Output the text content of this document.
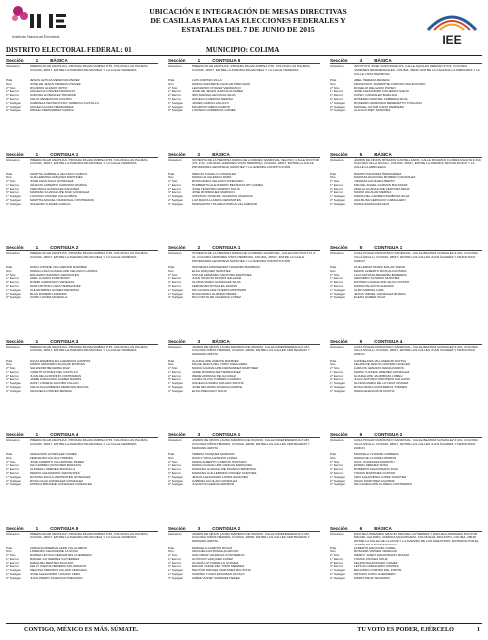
Instituto Nacional Electoral
UBICACIÓN E INTEGRACIÓN DE MESAS DIRECTIVAS
DE CASILLAS PARA LAS ELECCIONES FEDERALES Y
ESTATALES DEL 7 DE JUNIO DE 2015
IEE
DISTRITO ELECTORAL FEDERAL: 01	MUNICIPIO: COLIMA
Sección	1	BÁSICA
Ubicación	PREESCOLAR ANAHUAC, PRIVADA PALMA RUBINA # 55, COLONIA LAS PALMAS, COLIMA, 28017, ENTRE LA AVENIDA PALMA REAL Y LA CALLE CERRADA
Pdte	JESUS LETICIA MENDOZA PEREZ
Srio	JOSE DE JESUS CEPEDA CHAVEZ
2° Srio	RICARDO ALFARO ORTIZ
1° Escrut	ANGELICA CHAVEZ MANZANO
2° Escrut	AURORA GONZALEZ TRINIDAD
3° Escrut	CELIO ARMEJICOS CASTRO
1° Suplgen	GABRIELA HESTENYATAY ARREOLA CASTILLO
2° Suplgen	ANGELICA DIAZ HERNANDEZ
3° Suplgen	MISAEL HERNANDEZ GARCIA
Sección	1	CONTIGUA 1
Ubicación	PREESCOLAR ANAHUAC, PRIVADA PALMA RUBINA # 55, COLONIA LAS PALMAS, COLIMA, 28017, ENTRE LA AVENIDA PALMA REAL Y LA CALLE CERRADA
Pdte	MARTHA GABRIELA VELASCO GARCIA
Srio	GUILLERMINA VAZQUEZ MARTINEZ
2° Srio	JOSE ANASTACIA GONZALEZ
1° Escrut	IGNACIO ALBERTO CARDOZO RIVERA
2° Escrut	VERONICA GONZALEZ SANCHEZ
3° Escrut	MARIANA GUADALUPE DIAZ GONZALEZ
1° Suplgen	LUCIANO CHAVEZ VILLALOBOS
2° Suplgen	MARTHA ARACELI MADRIGAL CONTRERAS
3° Suplgen	SOLEDAD JUAREZ GARCIA
Sección	1	CONTIGUA 2
Ubicación	PREESCOLAR ANAHUAC, PRIVADA PALMA RUBINA # 55, COLONIA LAS PALMAS, COLIMA, 28017, ENTRE LA AVENIDA PALMA REAL Y LA CALLE CERRADA
Pdte	SOFIA IVONNE VILLASEÑOR RAMIREZ
Srio	MARIA LUISA GUADALUPE VELASCO LAPARA
2° Srio	EDUARDO ZAMORA CERVANTES
1° Escrut	ADEL LLAMAS ZAMORANO
2° Escrut	NOEMI CARRASCO VENEGAS
3° Escrut	ZAIR ANTONIO LARA HERNANDEZ
1° Suplgen	ALEJANDRINA GOMEZ PEDROZA
2° Suplgen	BLAS ROMERO ZAMORA
3° Suplgen	ZAIRO LIZAMA MANZILLA
Sección	1	CONTIGUA 3
Ubicación	PREESCOLAR ANAHUAC, PRIVADA PALMA RUBINA # 55, COLONIA LAS PALMAS, COLIMA, 28017, ENTRE LA AVENIDA PALMA REAL Y LA CALLE CERRADA
Pdte	SILVIA ESMERALDA LLERENAS CAMPOS
Srio	MARIO ARMANDO AGUILAR MONTES
2° Srio	SALVADOR BECERRA DIAZ
1° Escrut	YANETH CHAVEZ DEL CASTILLO
2° Escrut	JUAN DELIA MORFIN CONTRERAS
3° Escrut	JAIME ZARAGOZA GÓMEZ RAMOS
1° Suplgen	DAISY LORENA JACOBO FILLIAN
2° Suplgen	CELIA AGUAMBRINA PEDROZA MACIAS
3° Suplgen	GRACIELA CHAVEZ ZEPEDA
Sección	1	CONTIGUA 4
Ubicación	PREESCOLAR ANAHUAC, PRIVADA PALMA RUBINA # 55, COLONIA LAS PALMAS, COLIMA, 28017, ENTRE LA AVENIDA PALMA REAL Y LA CALLE CERRADA
Pdte	GREGORIO GONZALEZ GOMEZ
Srio	FERNANDO AGUILA TORRES
2° Srio	JOSE ALBERTO VILLARRUEL PEREZ
1° Escrut	MA CARMEN QUIÑONES BARAJAS
2° Escrut	ALFREDO JIMENEZ MANCILLA
3° Escrut	PEDRO ALEJANDRO CERVANTES
1° Suplgen	ROXANA PAULA VERTENTEN GONZALEZ
2° Suplgen	ROSA OLGA GONZALEZ GONZALEZ
3° Suplgen	MONICA BRIANDE GONZALEZ GONZALEZ
Sección	1	CONTIGUA 5
Ubicación	PREESCOLAR ANAHUAC, PRIVADA PALMA RUBINA # 55, COLONIA LAS PALMAS, COLIMA, 28017, ENTRE LA AVENIDA PALMA REAL Y LA CALLE CERRADA
Pdte	ADRIANA MINERVA LEPE VILLALOBOS
Srio	LORENZO ALEJANDRE LA ROSA
2° Srio	NORMA LETICIA CERVANTES GUERRERO
1° Escrut	RAFAEL GUTIERREZ GUTIERREZ
2° Escrut	EZEQUIEL BENITEZ PAULINO
3° Escrut	KELLY DAFINA HEREDIA SOLORZANO
1° Suplgen	MELISSA HEROMIT AGUIAR VERGARA
2° Suplgen	JOSE ALEJANDRO LOZANO VERA
3° Suplgen	JUAN PEDRO VALENCIA PRECIADO
Sección	1	CONTIGUA 6
Ubicación	PREESCOLAR ANAHUAC, PRIVADA PALMA RUBINA # 55, COLONIA LAS PALMAS, COLIMA, 28017, ENTRE LA AVENIDA PALMA REAL Y LA CALLE CERRADA
Pdte	LUIS CORTES VILLA
Srio	MARIA NAZARETE AGUILAR PRECIADO
2° Srio	LEONARDO CHAVEZ VERDUZCO
1° Escrut	JOSE DE JESUS GARCIA ALVAREZ
2° Escrut	IRIS MARINA LECHUGA SILVA
3° Escrut	ANGELICA MEDINA MEDINA
1° Suplgen	JAVIER GARCIA AGUAYO
2° Suplgen	MAURICIO RIERA RAMOS
3° Suplgen	LUCINDA CARDENAS GOMEZ
Sección	2	BÁSICA
Ubicación	OCHENTA DE LA HEROÍNA MARÍA DE LOURDES SANDOVAL VELOSO, CALLE DOCTOR 473, # 31, COLONIA JARDINES VISTA HERMOSA, COLIMA, 28017, ENTRE LA CALLE PROFESORA GENOVEVA SÁNCHEZ Y LA AVENIDA CONSTITUCIÓN
Pdte	SERGIO CAMILLO GONZALEZ
Srio	MARIA LE VALENCIA RUBA
2° Srio	ROSA MARIA VELASCO PRECIADO
1° Escrut	HUMBERTO ALEJANDRO BETANCOURT GOMEZ
2° Escrut	JOSE TEODORO MARINO SOLIS
3° Escrut	JOSE RODRIGUEZ MARISCO
1° Suplgen	CRISTIAN JUVENAL VALENCIA VALENCIA
2° Suplgen	LUZ MARIA LLAMAS CERVANTES
3° Suplgen	MARGARITA YOLANDA PARGA VILLASEÑOR
Sección	2	CONTIGUA 1
Ubicación	OCHENTA DE LA HEROÍNA MARÍA DE LOURDES SANDOVAL, CALLE DOCTOR 473, # 31, COLONIA JARDINES VISTA HERMOSA, COLIMA, 28017, ENTRE LA CALLE PROFESORA GENOVEVA SÁNCHEZ Y LA AVENIDA CONSTITUCIÓN
Pdte	SHIOMARA MONSERRAT NAVARRO BARBOSA
Srio	ELSA VAZQUEZ SANCHEZ
2° Srio	OSCAR ARMANDO VENTURA MARTINEZ
1° Escrut	JUAN IGNACIO MUÑOZ SALAZAR
2° Escrut	GLORIA MARIA GONZALEZ SILVA
3° Escrut	FERNANDO ROSALES RAMOS
1° Suplgen	MA GUADALUPE HUERTA MONTERO
2° Suplgen	ROSA MARIA GUZMAN PEREZ
3° Suplgen	MA CUSTOLDE VALENCIA LOPEZ
Sección	3	BÁSICA
Ubicación	JARDÍN DE NIÑOS LAURA MARRÓN DE OSORIO, CALLE INDEPENDENCIA # 267, COLONIA NIÑOS HÉROES, COLIMA, 28030, ENTRE LAS CALLES CENTENARIO Y MARIANO ARISTA
Pdte	GUADALUPE ZARATE RAMIREZ
Srio	MA DE JESUS DEL TORO OSEGUERA
2° Srio	MARIA GUADALUPE FERNANDEZ MARTINEZ
1° Escrut	JAIME RODRIGUEZ HERNANDEZ
2° Escrut	IRENE ADRIANA DE ALCARAZ
3° Escrut	LAURA OLIVIA TORRES GUZMAN
1° Suplgen	ANGELICA MARIA SOLANO ROCHA
2° Suplgen	JOSE EDUARDO RIVERA DUARTE
3° Suplgen	ELSA PRECIADO SOLIS
Sección	3	CONTIGUA 1
Ubicación	JARDÍN DE NIÑOS LAURA MARRÓN DE OSORIO, CALLE INDEPENDENCIA # 267, COLONIA NIÑOS HÉROES, COLIMA, 28030, ENTRE LAS CALLES CENTENARIO Y MARIANO ARISTA
Pdte	TERESA VAZQUEZ MARIANO
Srio	NANCY PAOLA ESPINO LOPEZ
2° Srio	MARIA ALBERTO CAMPOS HURTADO
1° Escrut	MARIA GUADALUPE VARGAS ENRIQUEZ
2° Escrut	MARIANA GUADALUPE FRANCO MENDOZA
3° Escrut	MARIANA GUILLERMINA CHAVEZ SANCHEZ
1° Suplgen	JESUS ALEJANDRO LOPEZ SANCHEZ
2° Suplgen	GABRIEL AGUILAR GONZALEZ
3° Suplgen	JULIAN FIGUEROA ARRIZON
Sección	3	CONTIGUA 2
Ubicación	JARDÍN DE NIÑOS LAURA MARRÓN DE OSORIO, CALLE INDEPENDENCIA # 267, COLONIA NIÑOS HÉROES, COLIMA, 28030, ENTRE LAS CALLES CENTENARIO Y MARIANO ARISTA
Pdte	MARCELA CAMPOS ROJAS
Srio	GRACIELA ESTRADA ALARCON
2° Srio	SAN OMAR VALENCIA CONTRERAS
1° Escrut	GUSTAVO VAZQUEZ LOPEZ
2° Escrut	GLORIA LIZ CARRILLO CHAVEZ
3° Escrut	EDGAR YAZAE DEL TORO MENDEZ
1° Suplgen	HECTOR MANUEL MARTINEZ BAUTISTA
2° Suplgen	SANDRA YULEH ESCOBAR VACILIO
3° Suplgen	AIMEE VIANEY RAMIREZ PEREZ
Sección	4	BÁSICA
Ubicación	INSTITUTO JOSÉ VASCONCELOS, CALLE AQUILES SERDÁN # 573, COLONIA JARDINES RESIDENCIALES, COLIMA, 28030, ENTRE LA CALZADA LA ARBOLEDA Y LA CALLE VISTA HERMOSA
Pdte	ABEL HEREDIA BADEÑA
Srio	FRANCISCO JAVIERTHE CORONO MALDONADO
2° Srio	ROGELIO DELGADO PUPEÑ
1° Escrut	JOSE ALEJANDRO FIGUEROA SAETA
2° Escrut	ZUHEY GONZALEZ BARAJAS
3° Escrut	ROSENDO MANTEL CABRERA SILVA
1° Suplgen	ROSENDO ARMANDO BENEDETTO TOSCANO
2° Suplgen	MANUEL GUTAR CANO HERRERA
3° Suplgen	ALICIA FURET SANCHEZ
Sección	5	BÁSICA
Ubicación	JARDÍN DE NIÑOS ROSARIO CASTELLANOS, CALLE RICARDO FLORES MAGÓN # 210, COLONIA VILLA IZCALLI, COLIMA, 28017, ENTRE LA AVENIDA TECNOLÓGICO Y LA CALLE LA ARBOLEDA
Pdte	RAMON SANCHEZ HERNANDEZ
Srio	MARITZA EQUIVIÑA MORENO GONZALEZ
2° Srio	YESENIA AGUILERA BERTO
1° Escrut	MIGUEL ANGEL GUZMAN BALTAZAR
2° Escrut	OFELIA GUADALUPE VENTURA PEÑA
3° Escrut	MARIO AGUILAR MEDINA
1° Suplgen	MARIA DEL CARMEN BARBOSA SILVA
2° Suplgen	ANA BLISA CERVACIO CABALLERO
3° Suplgen	MARIA ZARAGOZA DIAZ
Sección	5	CONTIGUA 1
Ubicación	CASA HOGAR FRANCISCO SANDOVAL, CALLE BEATRIZ GONZÁLEZ # 210, COLONIA VILLA IZCALLI, COLIMA, 28017, ENTRE LAS CALLES JUAN ÁLVAREZ Y FRANCISCO ZARCO
Pdte	GUILLERMO MUNIZ DOLAN TAZAR
Srio	MARIO ALBERTO RIOS ALCANTARA
2° Srio	LILIA ANTONIA BECERRA BARRERA
1° Escrut	GERARDO OLIVERA SANCHEZ
2° Escrut	ESTHER GUADALUPE SILVA CASTRO
3° Escrut	MARIA PALACIOS ALEGRIA
1° Suplgen	ALDO MEDINA CARL
2° Suplgen	JESUS ISRAEL GONZALEZ RIVERA
3° Suplgen	ELENA GOMEZ SILVA
Sección	5	CONTIGUA 4
Ubicación	CASA HOGAR FRANCISCO SANDOVAL, CALLE BEATRIZ GONZÁLEZ # 210, COLONIA VILLA IZCALLI, COLIMA, 28017, ENTRE LAS CALLES JUAN ÁLVAREZ Y FRANCISCO ZARCO
Pdte	CANDELARIA VILLASEÑOR OCHOA
Srio	FELIPE DE JESUS CANTERO ACEVES
2° Srio	CARLOS GENARO MARIA RAMOS
1° Escrut	MARIA YULINDA JIMENEZ GONZALEZ
2° Escrut	GUADALUPE JAURIBOZA LOBELI
3° Escrut	JULIO ANTONIO MONTERO SALGADO
1° Suplgen	GLORIA MARIA DE LA CRUZ CHAVEZ
2° Suplgen	ROSA MARIA CONTRERAS TORRES
3° Suplgen	MARIA ELENA RUIZ ROCHA
Sección	6	CONTIGUA 2
Ubicación	CASA HOGAR FRANCISCO SANDOVAL, CALLE BEATRIZ GONZÁLEZ # 210, COLONIA VILLA IZCALLI, COLIMA, 28017, ENTRE LAS CALLES JUAN ÁLVAREZ Y FRANCISCO ZARCO
Pdte	MARCELA YVONNE CARRERA
Srio	MARIA DE LA MORA MORFIN
2° Srio	SAUL GONZALEZ ESPIRITU
1° Escrut	EFREN JIMENEZ SOSA
2° Escrut	ROBERTO MALDONADO DIAZ
3° Escrut	TOMAS MARTINEZ CASTRO
1° Suplgen	ARIA ALEJANDRA LOPEZ SANCHEZ
2° Suplgen	ISAAC MARTINEZ AGUIRRE
3° Suplgen	MA GUADALUPE FLORES CONTRERAS
Sección	6	BÁSICA
Ubicación	ESCUELA PRIMARIA GRACIO MANUEL GUTIÉRREZ Y ESCUELA PRIMARIA DOCTOR MIGUEL GALINDO, AVENIDA MALDONADO, COLONIA EL MOLINITO, COLIMA, 28018, ENTRE LA CALLE DE LA CRUZ Y LA AVENIDA DE LOS MAESTROS, ENTRADA POR EL
Pdte	ALBERTO ESQUIVEL OUREL
Srio	ROSALBA VIRGEN VENEGAS
2° Srio	WENDY JANET MALDONADO MUÑOZ
1° Escrut	TOMAS CHAVEZ CRUZ
2° Escrut	FELIPE MALDONADO GOMEZ
3° Escrut	LETICIA CABALLERO CORTES
1° Suplgen	EDUARDO CORTES DEL PORTE
2° Suplgen	ARTURO CANO GUERRERO
3° Suplgen	MARTA PEÑA TEODORO
CONTIGO, MÉXICO ES MÁS. SÚMATE.	TU VOTO ES PODER, EJÉRCELO	1
